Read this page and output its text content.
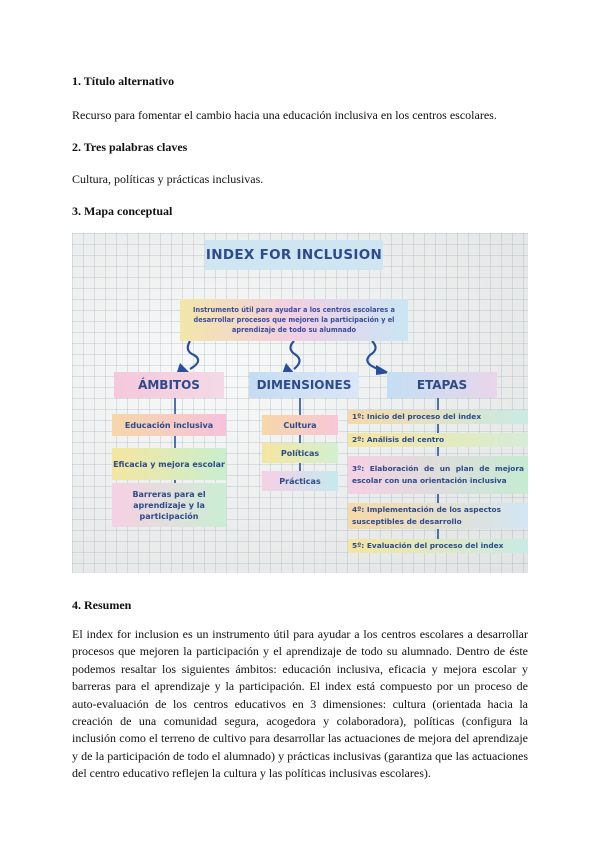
1. Título alternativo
Recurso para fomentar el cambio hacia una educación inclusiva en los centros escolares.
2. Tres palabras claves
Cultura, políticas y prácticas inclusivas.
3. Mapa conceptual
INDEX FOR INCLUSION
Instrumento útil para ayudar a los centros escolares a desarrollar procesos que mejoren la participación y el aprendizaje de todo su alumnado
ÁMBITOS	DIMENSIONES	ETAPAS
Educación inclusiva
Eficacia y mejora escolar
Barreras para el aprendizaje y la participación
Cultura
Políticas
Prácticas
1º: Inicio del proceso del index
2º: Análisis del centro
3º: Elaboración de un plan de mejora escolar con una orientación inclusiva
4º: Implementación de los aspectos susceptibles de desarrollo
5º: Evaluación del proceso del index
4. Resumen

El index for inclusion es un instrumento útil para ayudar a los centros escolares a desarrollar procesos que mejoren la participación y el aprendizaje de todo su alumnado. Dentro de éste podemos resaltar los siguientes ámbitos: educación inclusiva, eficacia y mejora escolar y barreras para el aprendizaje y la participación. El index está compuesto por un proceso de auto-evaluación de los centros educativos en 3 dimensiones: cultura (orientada hacia la creación de una comunidad segura, acogedora y colaboradora), políticas (configura la inclusión como el terreno de cultivo para desarrollar las actuaciones de mejora del aprendizaje y de la participación de todo el alumnado) y prácticas inclusivas (garantiza que las actuaciones del centro educativo reflejen la cultura y las políticas inclusivas escolares).
